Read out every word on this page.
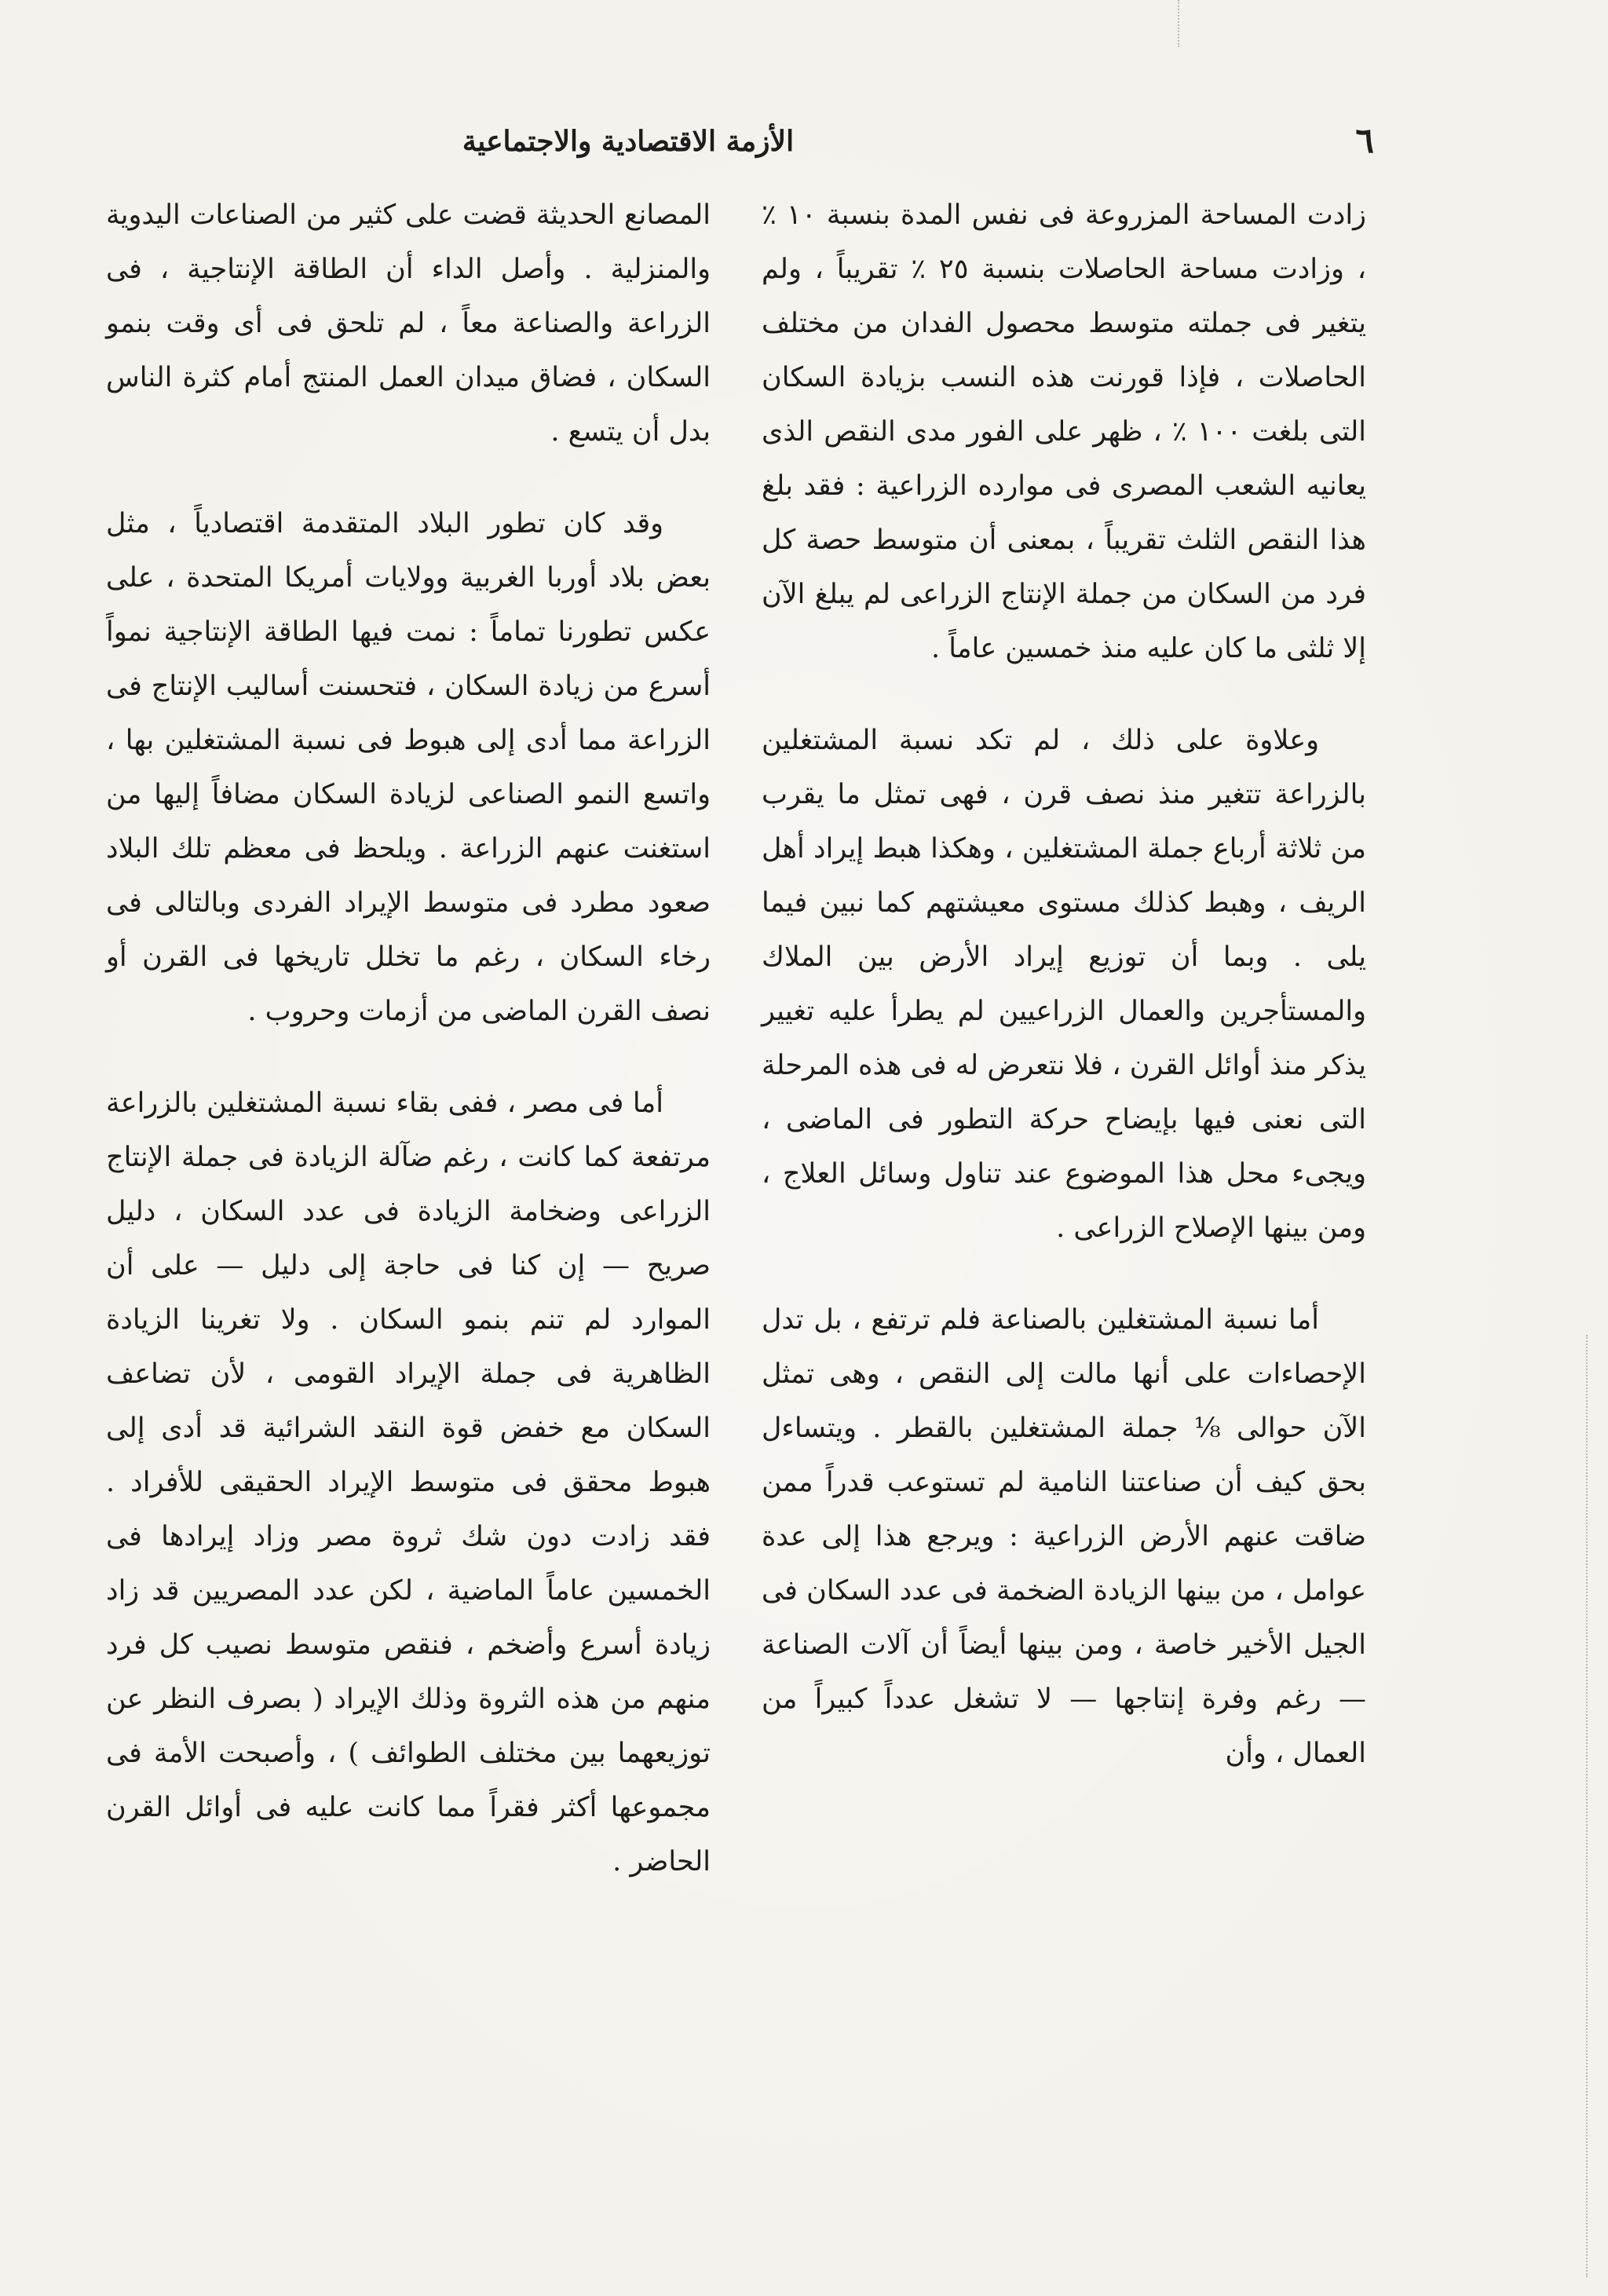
٦
الأزمة الاقتصادية والاجتماعية

زادت المساحة المزروعة فى نفس المدة بنسبة ١٠ ٪ ، وزادت مساحة الحاصلات بنسبة ٢٥ ٪ تقريباً ، ولم يتغير فى جملته متوسط محصول الفدان من مختلف الحاصلات ، فإذا قورنت هذه النسب بزيادة السكان التى بلغت ١٠٠ ٪ ، ظهر على الفور مدى النقص الذى يعانيه الشعب المصرى فى موارده الزراعية : فقد بلغ هذا النقص الثلث تقريباً ، بمعنى أن متوسط حصة كل فرد من السكان من جملة الإنتاج الزراعى لم يبلغ الآن إلا ثلثى ما كان عليه منذ خمسين عاماً .

وعلاوة على ذلك ، لم تكد نسبة المشتغلين بالزراعة تتغير منذ نصف قرن ، فهى تمثل ما يقرب من ثلاثة أرباع جملة المشتغلين ، وهكذا هبط إيراد أهل الريف ، وهبط كذلك مستوى معيشتهم كما نبين فيما يلى . وبما أن توزيع إيراد الأرض بين الملاك والمستأجرين والعمال الزراعيين لم يطرأ عليه تغيير يذكر منذ أوائل القرن ، فلا نتعرض له فى هذه المرحلة التى نعنى فيها بإيضاح حركة التطور فى الماضى ، ويجىء محل هذا الموضوع عند تناول وسائل العلاج ، ومن بينها الإصلاح الزراعى .

أما نسبة المشتغلين بالصناعة فلم ترتفع ، بل تدل الإحصاءات على أنها مالت إلى النقص ، وهى تمثل الآن حوالى ⅛ جملة المشتغلين بالقطر . ويتساءل بحق كيف أن صناعتنا النامية لم تستوعب قدراً ممن ضاقت عنهم الأرض الزراعية : ويرجع هذا إلى عدة عوامل ، من بينها الزيادة الضخمة فى عدد السكان فى الجيل الأخير خاصة ، ومن بينها أيضاً أن آلات الصناعة — رغم وفرة إنتاجها — لا تشغل عدداً كبيراً من العمال ، وأن

المصانع الحديثة قضت على كثير من الصناعات اليدوية والمنزلية . وأصل الداء أن الطاقة الإنتاجية ، فى الزراعة والصناعة معاً ، لم تلحق فى أى وقت بنمو السكان ، فضاق ميدان العمل المنتج أمام كثرة الناس بدل أن يتسع .

وقد كان تطور البلاد المتقدمة اقتصادياً ، مثل بعض بلاد أوربا الغربية وولايات أمريكا المتحدة ، على عكس تطورنا تماماً : نمت فيها الطاقة الإنتاجية نمواً أسرع من زيادة السكان ، فتحسنت أساليب الإنتاج فى الزراعة مما أدى إلى هبوط فى نسبة المشتغلين بها ، واتسع النمو الصناعى لزيادة السكان مضافاً إليها من استغنت عنهم الزراعة . ويلحظ فى معظم تلك البلاد صعود مطرد فى متوسط الإيراد الفردى وبالتالى فى رخاء السكان ، رغم ما تخلل تاريخها فى القرن أو نصف القرن الماضى من أزمات وحروب .

أما فى مصر ، ففى بقاء نسبة المشتغلين بالزراعة مرتفعة كما كانت ، رغم ضآلة الزيادة فى جملة الإنتاج الزراعى وضخامة الزيادة فى عدد السكان ، دليل صريح — إن كنا فى حاجة إلى دليل — على أن الموارد لم تنم بنمو السكان . ولا تغرينا الزيادة الظاهرية فى جملة الإيراد القومى ، لأن تضاعف السكان مع خفض قوة النقد الشرائية قد أدى إلى هبوط محقق فى متوسط الإيراد الحقيقى للأفراد . فقد زادت دون شك ثروة مصر وزاد إيرادها فى الخمسين عاماً الماضية ، لكن عدد المصريين قد زاد زيادة أسرع وأضخم ، فنقص متوسط نصيب كل فرد منهم من هذه الثروة وذلك الإيراد ( بصرف النظر عن توزيعهما بين مختلف الطوائف ) ، وأصبحت الأمة فى مجموعها أكثر فقراً مما كانت عليه فى أوائل القرن الحاضر .
